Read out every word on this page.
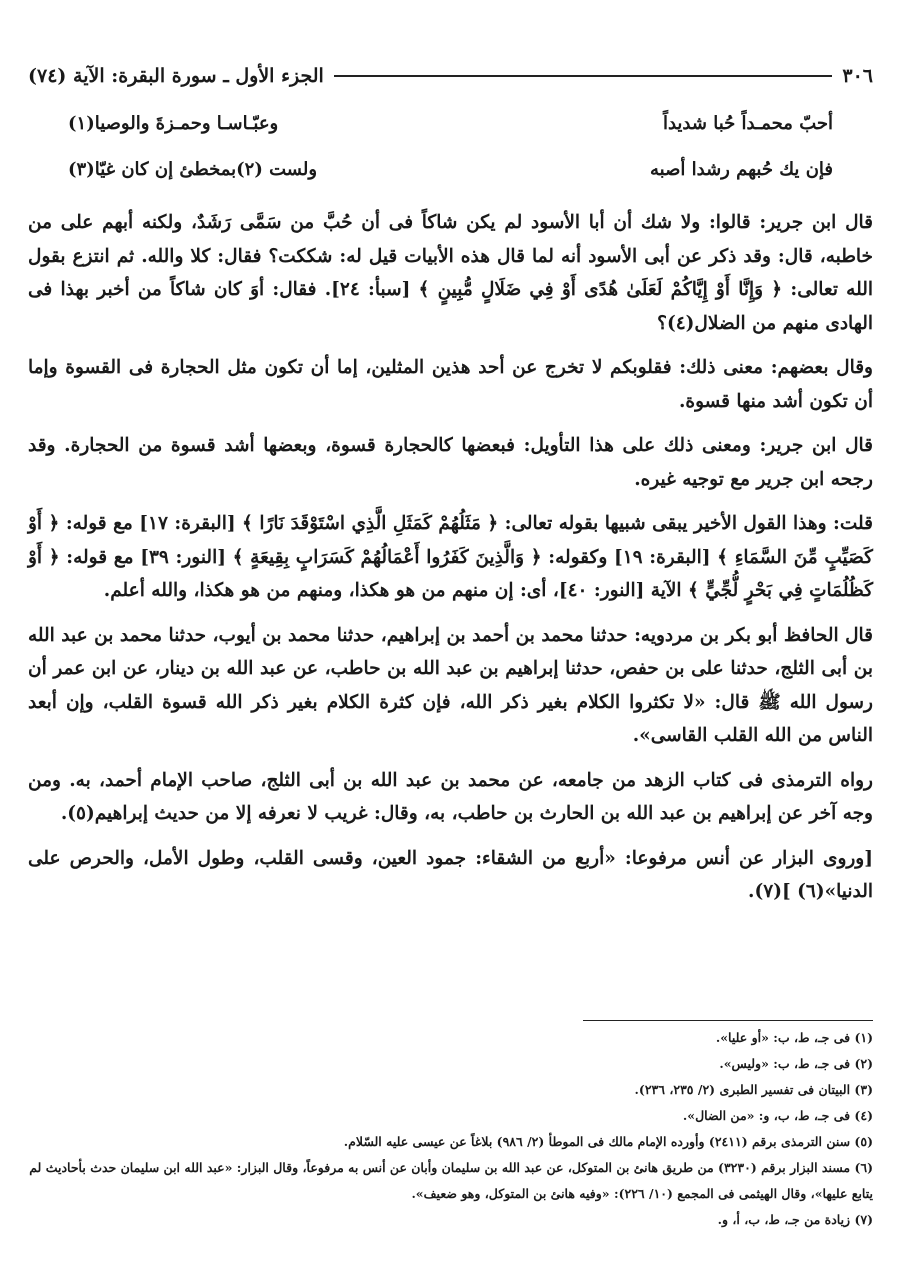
٣٠٦
الجزء الأول ـ سورة البقرة: الآية (٧٤)
أحبّ محمـداً حُبا شديداً
وعبّـاسـا وحمـزةَ والوصيا(١)
فإن يك حُبهم رشدا أصبه
ولست (٢)بمخطئ إن كان غيّا(٣)

قال ابن جرير: قالوا: ولا شك أن أبا الأسود لم يكن شاكاً فى أن حُبَّ من سَمَّى رَشَدٌ، ولكنه أبهم على من خاطبه، قال: وقد ذكر عن أبى الأسود أنه لما قال هذه الأبيات قيل له: شككت؟ فقال: كلا والله. ثم انتزع بقول الله تعالى: ﴿ وَإِنَّا أَوْ إِيَّاكُمْ لَعَلَىٰ هُدًى أَوْ فِي ضَلَالٍ مُّبِينٍ ﴾ [سبأ: ٢٤]. فقال: أوَ كان شاكاً من أخبر بهذا فى الهادى منهم من الضلال(٤)؟

وقال بعضهم: معنى ذلك: فقلوبكم لا تخرج عن أحد هذين المثلين، إما أن تكون مثل الحجارة فى القسوة وإما أن تكون أشد منها قسوة.

قال ابن جرير: ومعنى ذلك على هذا التأويل: فبعضها كالحجارة قسوة، وبعضها أشد قسوة من الحجارة. وقد رجحه ابن جرير مع توجيه غيره.

قلت: وهذا القول الأخير يبقى شبيها بقوله تعالى: ﴿ مَثَلُهُمْ كَمَثَلِ الَّذِي اسْتَوْقَدَ نَارًا ﴾ [البقرة: ١٧] مع قوله: ﴿ أَوْ كَصَيِّبٍ مِّنَ السَّمَاءِ ﴾ [البقرة: ١٩] وكقوله: ﴿ وَالَّذِينَ كَفَرُوا أَعْمَالُهُمْ كَسَرَابٍ بِقِيعَةٍ ﴾ [النور: ٣٩] مع قوله: ﴿ أَوْ كَظُلُمَاتٍ فِي بَحْرٍ لُّجِّيٍّ ﴾ الآية [النور: ٤٠]، أى: إن منهم من هو هكذا، ومنهم من هو هكذا، والله أعلم.

قال الحافظ أبو بكر بن مردويه: حدثنا محمد بن أحمد بن إبراهيم، حدثنا محمد بن أيوب، حدثنا محمد بن عبد الله بن أبى الثلج، حدثنا على بن حفص، حدثنا إبراهيم بن عبد الله بن حاطب، عن عبد الله بن دينار، عن ابن عمر أن رسول الله ﷺ قال: «لا تكثروا الكلام بغير ذكر الله، فإن كثرة الكلام بغير ذكر الله قسوة القلب، وإن أبعد الناس من الله القلب القاسى».

رواه الترمذى فى كتاب الزهد من جامعه، عن محمد بن عبد الله بن أبى الثلج، صاحب الإمام أحمد، به. ومن وجه آخر عن إبراهيم بن عبد الله بن الحارث بن حاطب، به، وقال: غريب لا نعرفه إلا من حديث إبراهيم(٥).

[وروى البزار عن أنس مرفوعا: «أربع من الشقاء: جمود العين، وقسى القلب، وطول الأمل، والحرص على الدنيا»(٦) ](٧).

(١) فى جـ، ط، ب: «أو عليا».
(٢) فى جـ، ط، ب: «وليس».
(٣) البيتان فى تفسير الطبرى (٢/ ٢٣٥، ٢٣٦).
(٤) فى جـ، ط، ب، و: «من الضال».
(٥) سنن الترمذى برقم (٢٤١١) وأورده الإمام مالك فى الموطأ (٢/ ٩٨٦) بلاغاً عن عيسى عليه السّلام.
(٦) مسند البزار برقم (٣٢٣٠) من طريق هانئ بن المتوكل، عن عبد الله بن سليمان وأبان عن أنس به مرفوعاً، وقال البزار: «عبد الله ابن سليمان حدث بأحاديث لم يتابع عليها»، وقال الهيثمى فى المجمع (١٠/ ٢٢٦): «وفيه هانئ بن المتوكل، وهو ضعيف».
(٧) زيادة من جـ، ط، ب، أ، و.
